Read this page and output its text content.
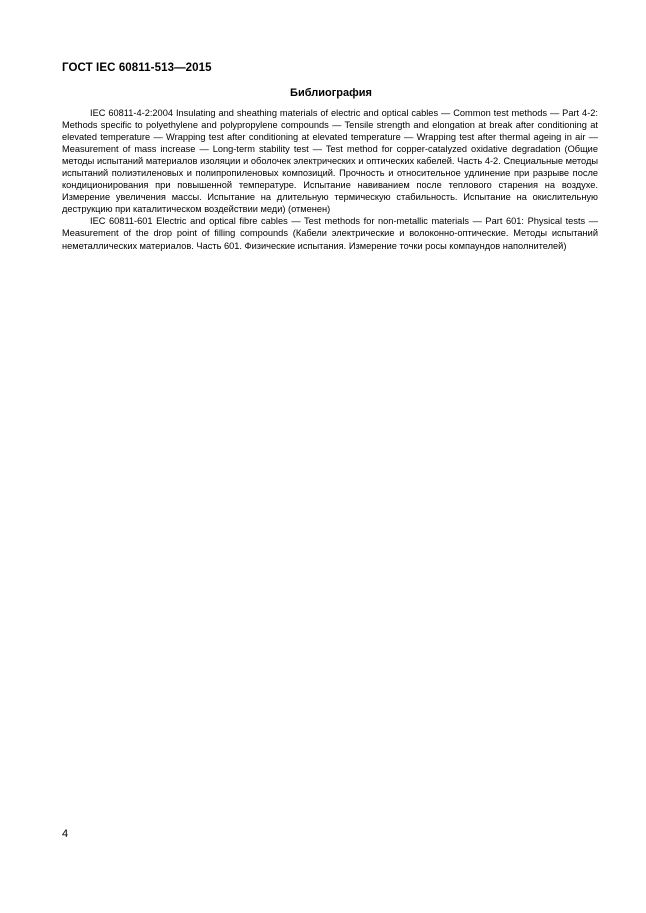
ГОСТ IEC 60811-513—2015
Библиография

IEC 60811-4-2:2004 Insulating and sheathing materials of electric and optical cables — Common test methods — Part 4-2: Methods specific to polyethylene and polypropylene compounds — Tensile strength and elongation at break after conditioning at elevated temperature — Wrapping test after conditioning at elevated temperature — Wrapping test after thermal ageing in air — Measurement of mass increase — Long-term stability test — Test method for copper-catalyzed oxidative degradation (Общие методы испытаний материалов изоляции и оболочек электрических и оптических кабелей. Часть 4-2. Специальные методы испытаний полиэтиленовых и полипропиленовых композиций. Прочность и относительное удлинение при разрыве после кондиционирования при повышенной температуре. Испытание навиванием после теплового старения на воздухе. Измерение увеличения массы. Испытание на длительную термическую стабильность. Испытание на окислительную деструкцию при каталитическом воздействии меди) (отменен)

IEC 60811-601 Electric and optical fibre cables — Test methods for non-metallic materials — Part 601: Physical tests — Measurement of the drop point of filling compounds (Кабели электрические и волоконно-оптические. Методы испытаний неметаллических материалов. Часть 601. Физические испытания. Измерение точки росы компаундов наполнителей)

4
